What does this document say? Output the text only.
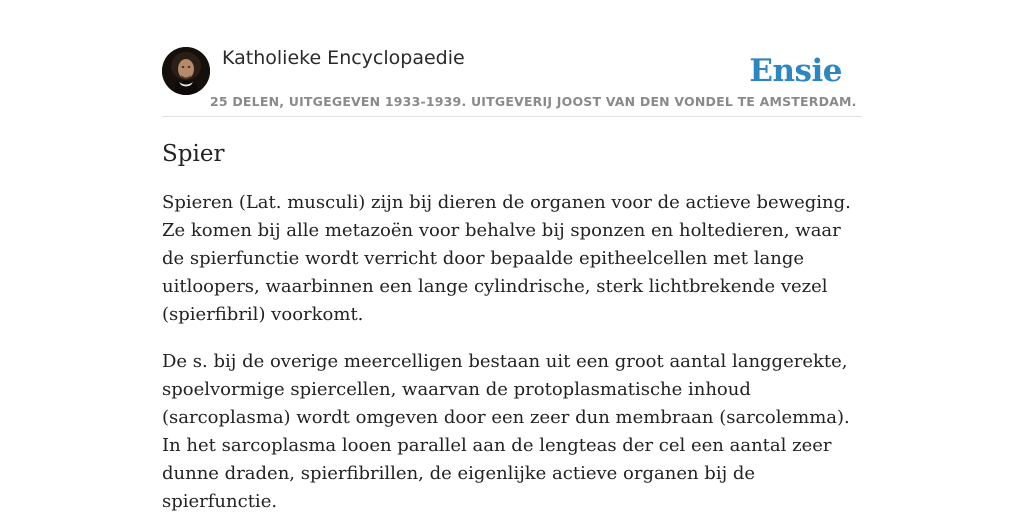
Katholieke Encyclopaedie	Ensie
25 DELEN, UITGEGEVEN 1933-1939. UITGEVERIJ JOOST VAN DEN VONDEL TE AMSTERDAM.
Spier

Spieren (Lat. musculi) zijn bij dieren de organen voor de actieve beweging. Ze komen bij alle metazoën voor behalve bij sponzen en holtedieren, waar de spierfunctie wordt verricht door bepaalde epitheelcellen met lange uitloopers, waarbinnen een lange cylindrische, sterk lichtbrekende vezel (spierfibril) voorkomt.

De s. bij de overige meercelligen bestaan uit een groot aantal langgerekte, spoelvormige spiercellen, waarvan de protoplasmatische inhoud (sarcoplasma) wordt omgeven door een zeer dun membraan (sarcolemma). In het sarcoplasma looen parallel aan de lengteas der cel een aantal zeer dunne draden, spierfibrillen, de eigenlijke actieve organen bij de spierfunctie.
